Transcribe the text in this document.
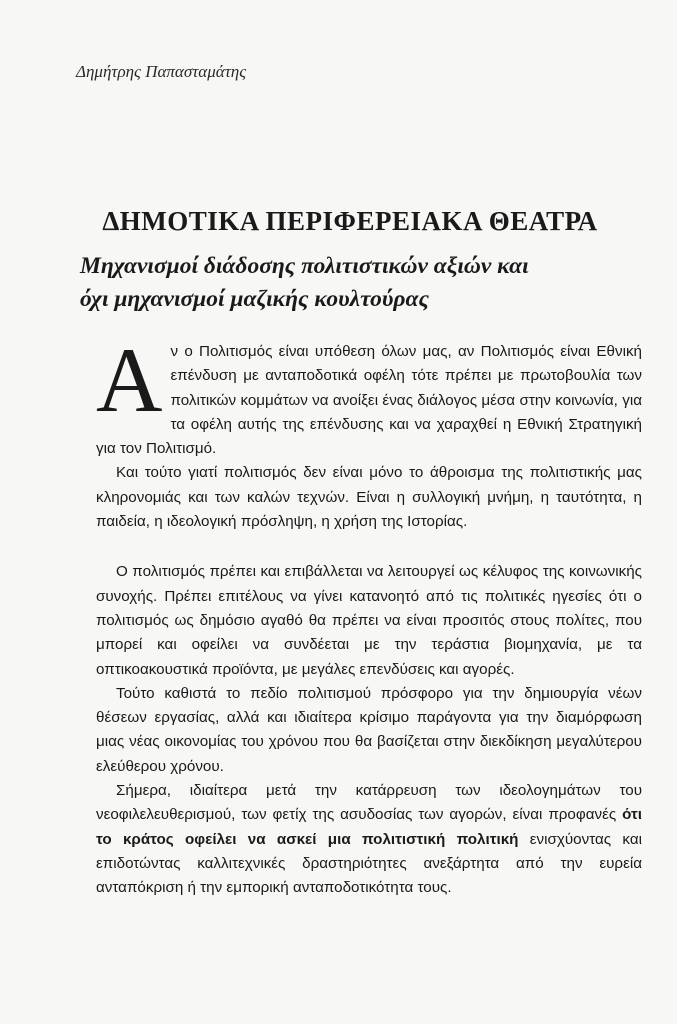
Δημήτρης Παπασταμάτης
ΔΗΜΟΤΙΚΑ ΠΕΡΙΦΕΡΕΙΑΚΑ ΘΕΑΤΡΑ
Μηχανισμοί διάδοσης πολιτιστικών αξιών και
όχι μηχανισμοί μαζικής κουλτούρας

Αν ο Πολιτισμός είναι υπόθεση όλων μας, αν Πολιτισμός είναι Εθνική επένδυση με ανταποδοτικά οφέλη τότε πρέπει με πρωτοβουλία των πολιτικών κομμάτων να ανοίξει ένας διάλογος μέσα στην κοινωνία, για τα οφέλη αυτής της επένδυσης και να χαραχθεί η Εθνική Στρατηγική για τον Πολιτισμό.

Και τούτο γιατί πολιτισμός δεν είναι μόνο το άθροισμα της πολιτιστικής μας κληρονομιάς και των καλών τεχνών. Είναι η συλλογική μνήμη, η ταυτότητα, η παιδεία, η ιδεολογική πρόσληψη, η χρήση της Ιστορίας.

Ο πολιτισμός πρέπει και επιβάλλεται να λειτουργεί ως κέλυφος της κοινωνικής συνοχής. Πρέπει επιτέλους να γίνει κατανοητό από τις πολιτικές ηγεσίες ότι ο πολιτισμός ως δημόσιο αγαθό θα πρέπει να είναι προσιτός στους πολίτες, που μπορεί και οφείλει να συνδέεται με την τεράστια βιομηχανία, με τα οπτικοακουστικά προϊόντα, με μεγάλες επενδύσεις και αγορές.

Τούτο καθιστά το πεδίο πολιτισμού πρόσφορο για την δημιουργία νέων θέσεων εργασίας, αλλά και ιδιαίτερα κρίσιμο παράγοντα για την διαμόρφωση μιας νέας οικονομίας του χρόνου που θα βασίζεται στην διεκδίκηση μεγαλύτερου ελεύθερου χρόνου.

Σήμερα, ιδιαίτερα μετά την κατάρρευση των ιδεολογημάτων του νεοφιλελευθερισμού, των φετίχ της ασυδοσίας των αγορών, είναι προφανές ότι το κράτος οφείλει να ασκεί μια πολιτιστική πολιτική ενισχύοντας και επιδοτώντας καλλιτεχνικές δραστηριότητες ανεξάρτητα από την ευρεία ανταπόκριση ή την εμπορική ανταποδοτικότητα τους.
